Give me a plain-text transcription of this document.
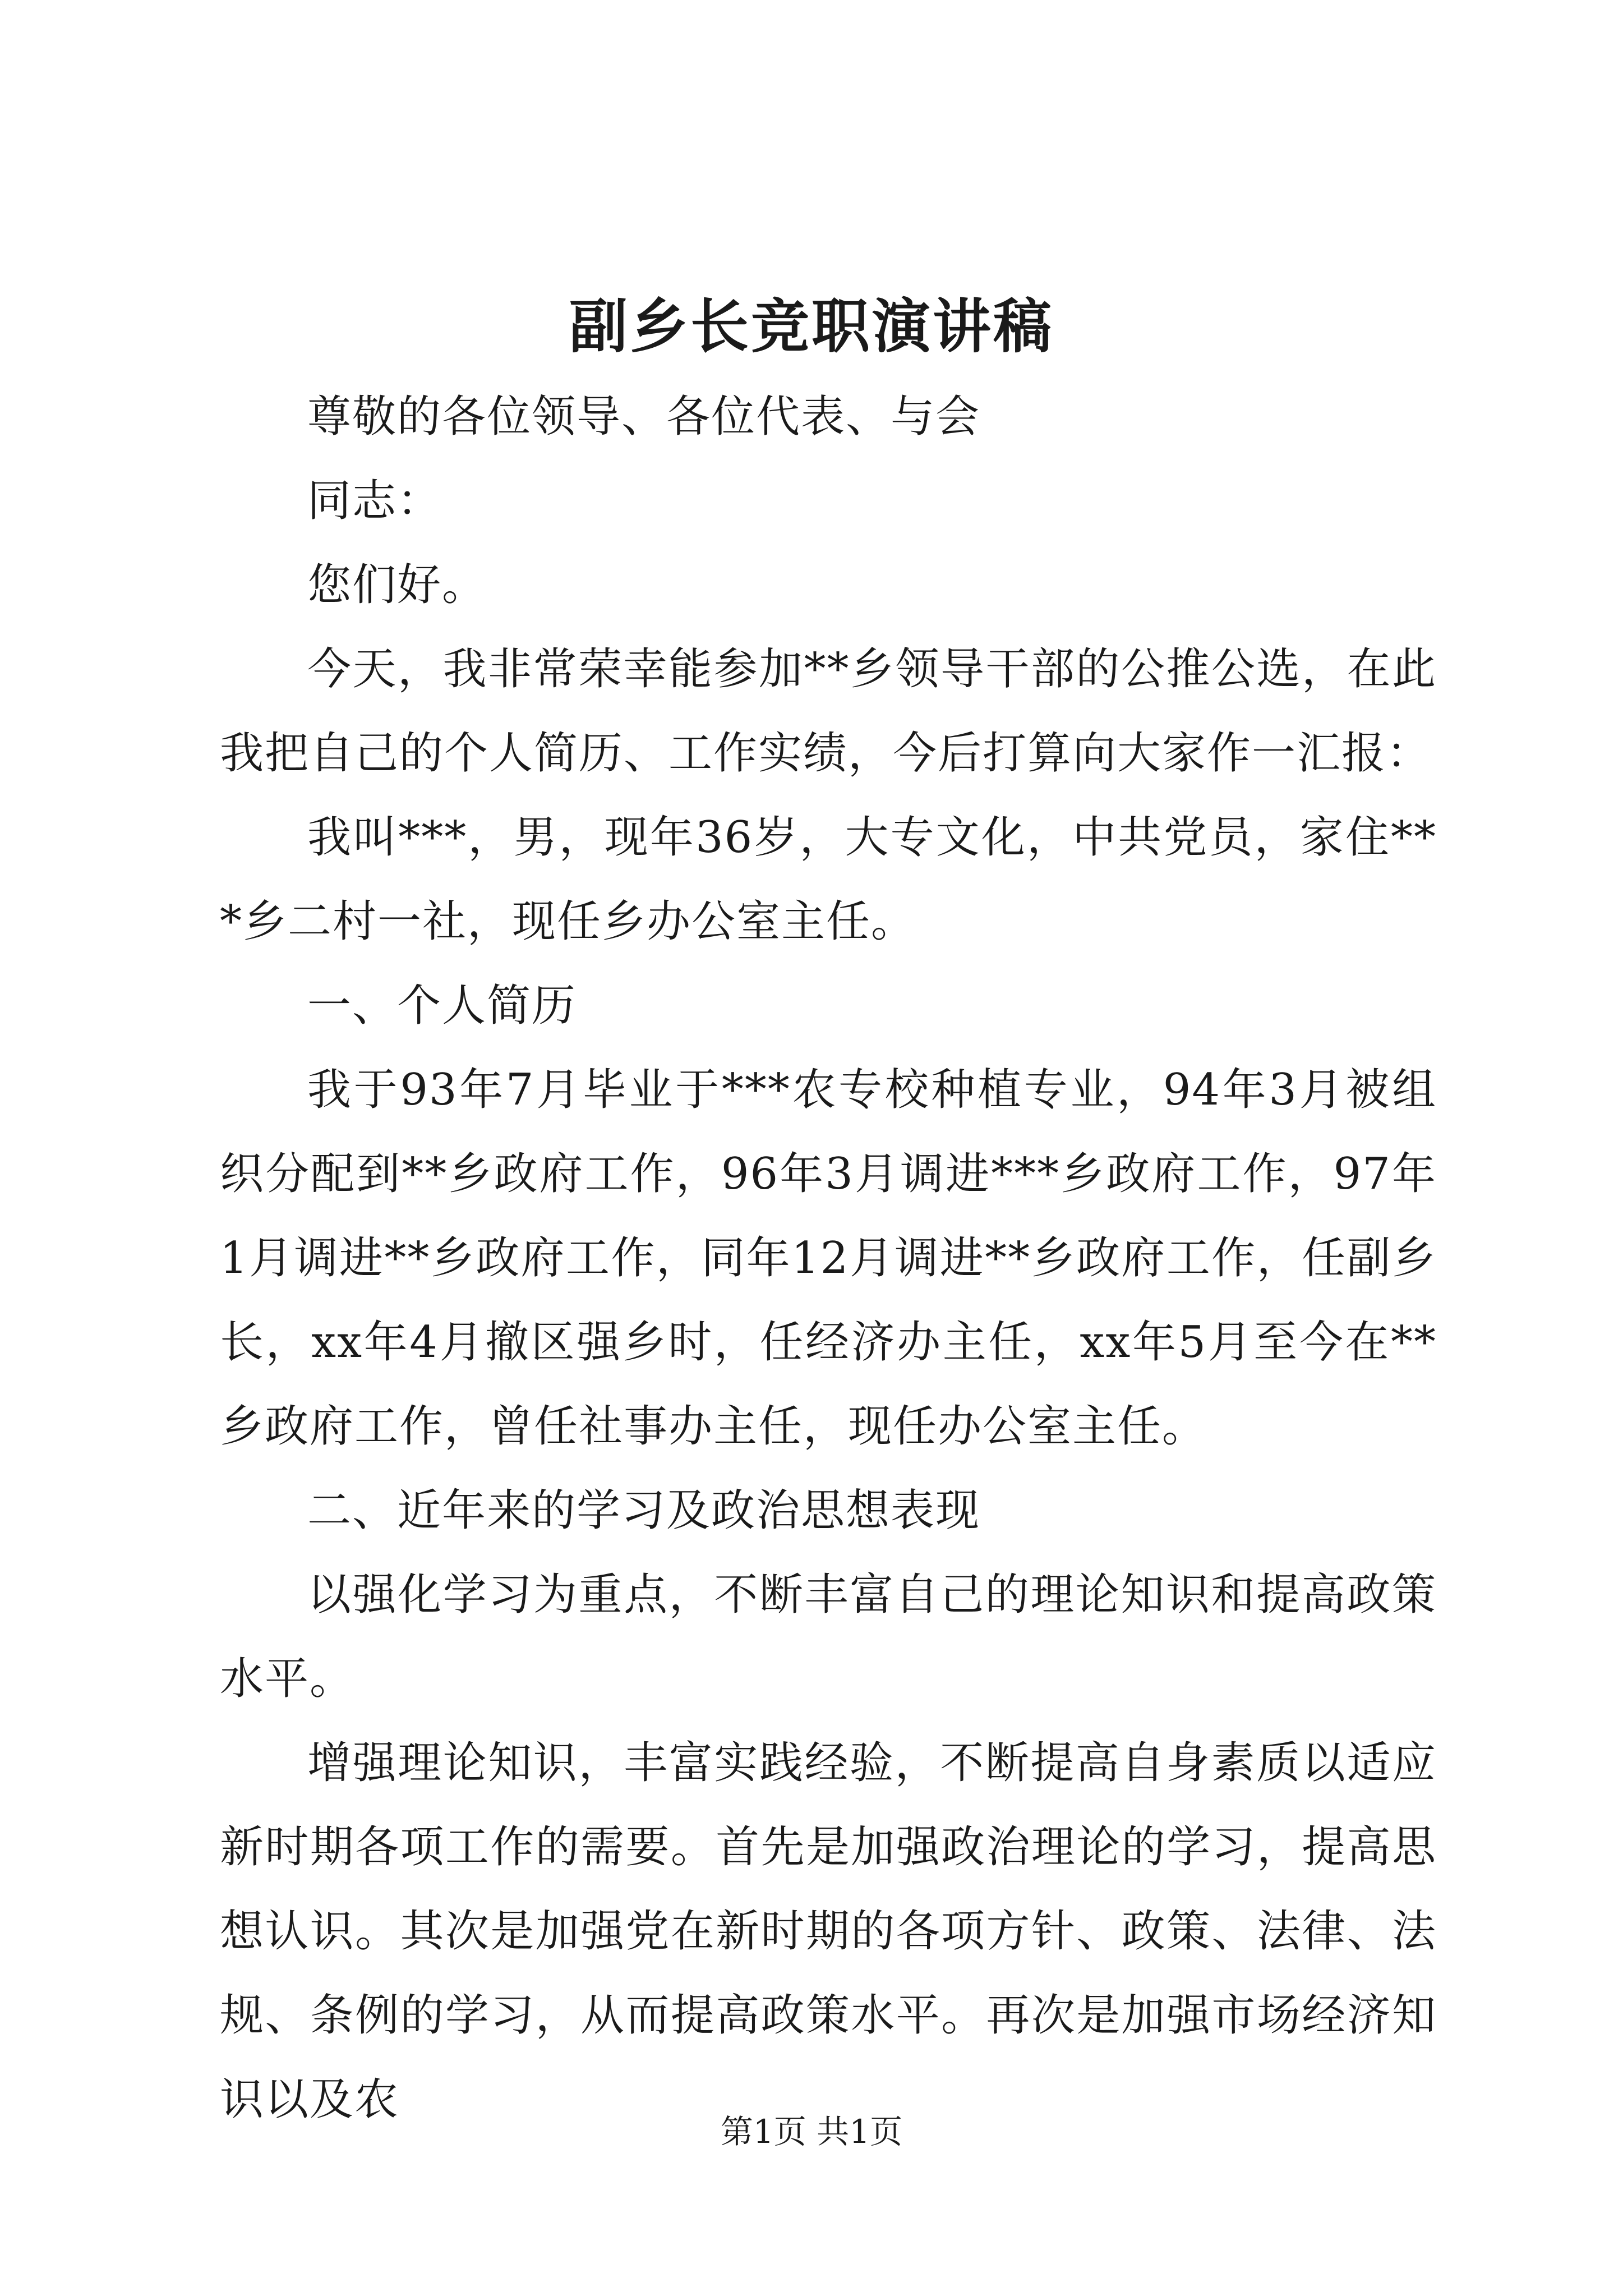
副乡长竞职演讲稿

尊敬的各位领导、各位代表、与会

同志：

您们好。

今天，我非常荣幸能参加**乡领导干部的公推公选，在此我把自己的个人简历、工作实绩，今后打算向大家作一汇报：

我叫***，男，现年36岁，大专文化，中共党员，家住***乡二村一社，现任乡办公室主任。

一、个人简历

我于93年7月毕业于***农专校种植专业，94年3月被组织分配到**乡政府工作，96年3月调进***乡政府工作，97年1月调进**乡政府工作，同年12月调进**乡政府工作，任副乡长，xx年4月撤区强乡时，任经济办主任，xx年5月至今在**乡政府工作，曾任社事办主任，现任办公室主任。

二、近年来的学习及政治思想表现

以强化学习为重点，不断丰富自己的理论知识和提高政策水平。

增强理论知识，丰富实践经验，不断提高自身素质以适应新时期各项工作的需要。首先是加强政治理论的学习，提高思想认识。其次是加强党在新时期的各项方针、政策、法律、法规、条例的学习，从而提高政策水平。再次是加强市场经济知识以及农

第1页 共1页
